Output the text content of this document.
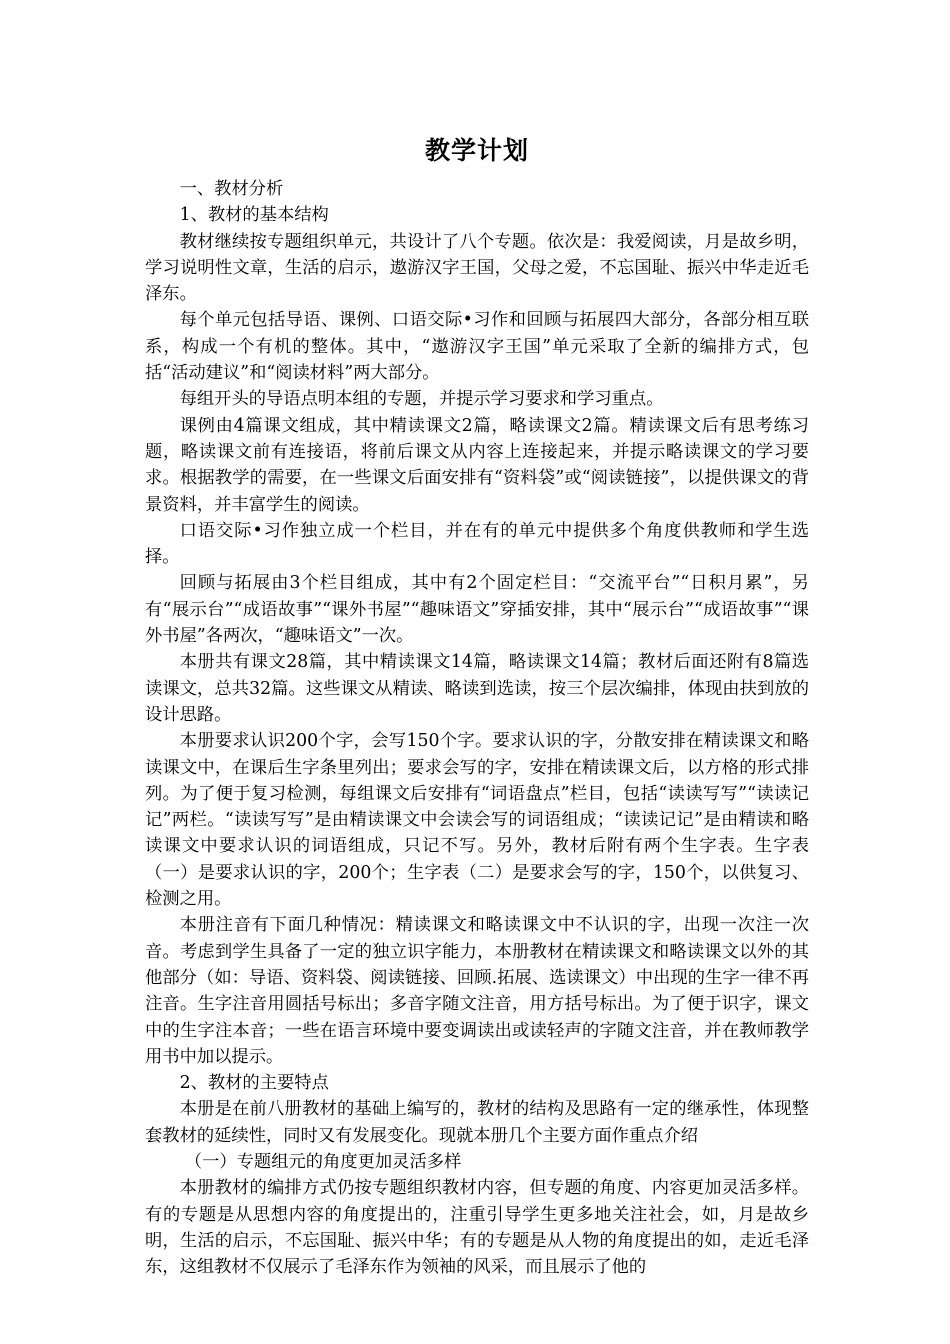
教学计划
一、教材分析
1、教材的基本结构
教材继续按专题组织单元，共设计了八个专题。依次是：我爱阅读，月是故乡明，学习说明性文章，生活的启示，遨游汉字王国，父母之爱，不忘国耻、振兴中华走近毛泽东。
每个单元包括导语、课例、口语交际•习作和回顾与拓展四大部分，各部分相互联系，构成一个有机的整体。其中，“遨游汉字王国”单元采取了全新的编排方式，包括“活动建议”和“阅读材料”两大部分。
每组开头的导语点明本组的专题，并提示学习要求和学习重点。
课例由4篇课文组成，其中精读课文2篇，略读课文2篇。精读课文后有思考练习题，略读课文前有连接语，将前后课文从内容上连接起来，并提示略读课文的学习要求。根据教学的需要，在一些课文后面安排有“资料袋”或“阅读链接”，以提供课文的背景资料，并丰富学生的阅读。
口语交际•习作独立成一个栏目，并在有的单元中提供多个角度供教师和学生选择。
回顾与拓展由3个栏目组成，其中有2个固定栏目：“交流平台”“日积月累”，另有“展示台”“成语故事”“课外书屋”“趣味语文”穿插安排，其中“展示台”“成语故事”“课外书屋”各两次，“趣味语文”一次。
本册共有课文28篇，其中精读课文14篇，略读课文14篇；教材后面还附有8篇选读课文，总共32篇。这些课文从精读、略读到选读，按三个层次编排，体现由扶到放的设计思路。
本册要求认识200个字，会写150个字。要求认识的字，分散安排在精读课文和略读课文中，在课后生字条里列出；要求会写的字，安排在精读课文后，以方格的形式排列。为了便于复习检测，每组课文后安排有“词语盘点”栏目，包括“读读写写”“读读记记”两栏。“读读写写”是由精读课文中会读会写的词语组成；“读读记记”是由精读和略读课文中要求认识的词语组成，只记不写。另外，教材后附有两个生字表。生字表（一）是要求认识的字，200个；生字表（二）是要求会写的字，150个，以供复习、检测之用。
本册注音有下面几种情况：精读课文和略读课文中不认识的字，出现一次注一次音。考虑到学生具备了一定的独立识字能力，本册教材在精读课文和略读课文以外的其他部分（如：导语、资料袋、阅读链接、回顾.拓展、选读课文）中出现的生字一律不再注音。生字注音用圆括号标出；多音字随文注音，用方括号标出。为了便于识字，课文中的生字注本音；一些在语言环境中要变调读出或读轻声的字随文注音，并在教师教学用书中加以提示。
2、教材的主要特点
本册是在前八册教材的基础上编写的，教材的结构及思路有一定的继承性，体现整套教材的延续性，同时又有发展变化。现就本册几个主要方面作重点介绍
（一）专题组元的角度更加灵活多样
本册教材的编排方式仍按专题组织教材内容，但专题的角度、内容更加灵活多样。有的专题是从思想内容的角度提出的，注重引导学生更多地关注社会，如，月是故乡明，生活的启示，不忘国耻、振兴中华；有的专题是从人物的角度提出的如，走近毛泽东，这组教材不仅展示了毛泽东作为领袖的风采，而且展示了他的
